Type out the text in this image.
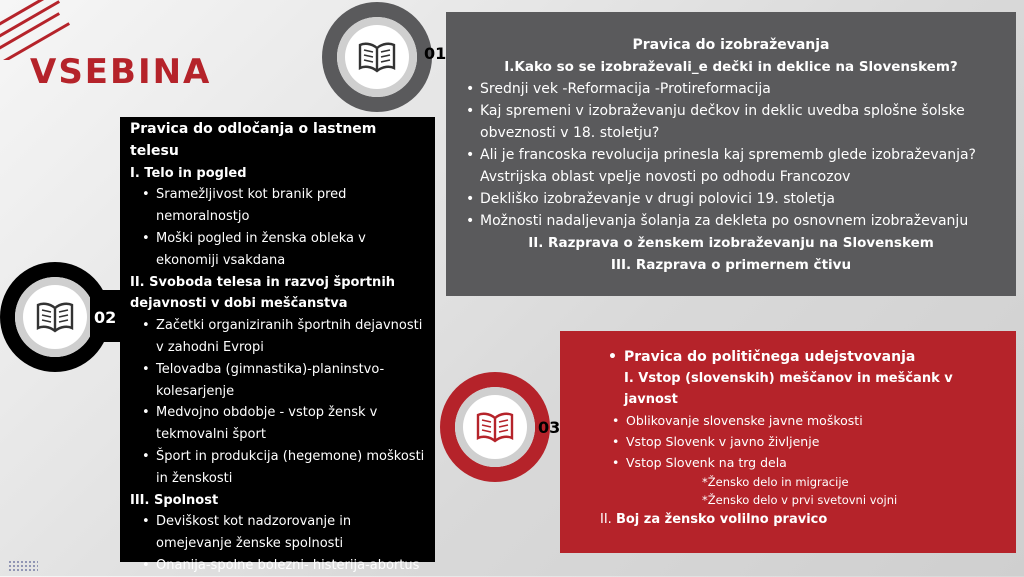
VSEBINA	01
02
03
Pravica do izobraževanja
I.Kako so se izobraževali_e dečki in deklice na Slovenskem?
• Srednji vek -Reformacija -Protireformacija
• Kaj spremeni v izobraževanju dečkov in deklic uvedba splošne šolske obveznosti v 18. stoletju?
• Ali je francoska revolucija prinesla kaj sprememb glede izobraževanja? Avstrijska oblast vpelje novosti po odhodu Francozov
• Dekliško izobraževanje v drugi polovici 19. stoletja
• Možnosti nadaljevanja šolanja za dekleta po osnovnem izobraževanju
II. Razprava o ženskem izobraževanju na Slovenskem
III. Razprava o primernem čtivu
Pravica do odločanja o lastnem telesu
I. Telo in pogled
• Sramežljivost kot branik pred nemoralnostjo
• Moški pogled in ženska obleka v ekonomiji vsakdana
II. Svoboda telesa in razvoj športnih dejavnosti v dobi meščanstva
• Začetki organiziranih športnih dejavnosti v zahodni Evropi
• Telovadba (gimnastika)-planinstvo-kolesarjenje
• Medvojno obdobje - vstop žensk v tekmovalni šport
• Šport in produkcija (hegemone) moškosti in ženskosti
III. Spolnost
• Deviškost kot nadzorovanje in omejevanje ženske spolnosti
• Onanija-spolne bolezni- histerija-abortus
• Pravica do političnega udejstvovanja
I. Vstop (slovenskih) meščanov in meščank v javnost
• Oblikovanje slovenske javne moškosti
• Vstop Slovenk v javno življenje
• Vstop Slovenk na trg dela
*Žensko delo in migracije
*Žensko delo v prvi svetovni vojni
II. Boj za žensko volilno pravico
